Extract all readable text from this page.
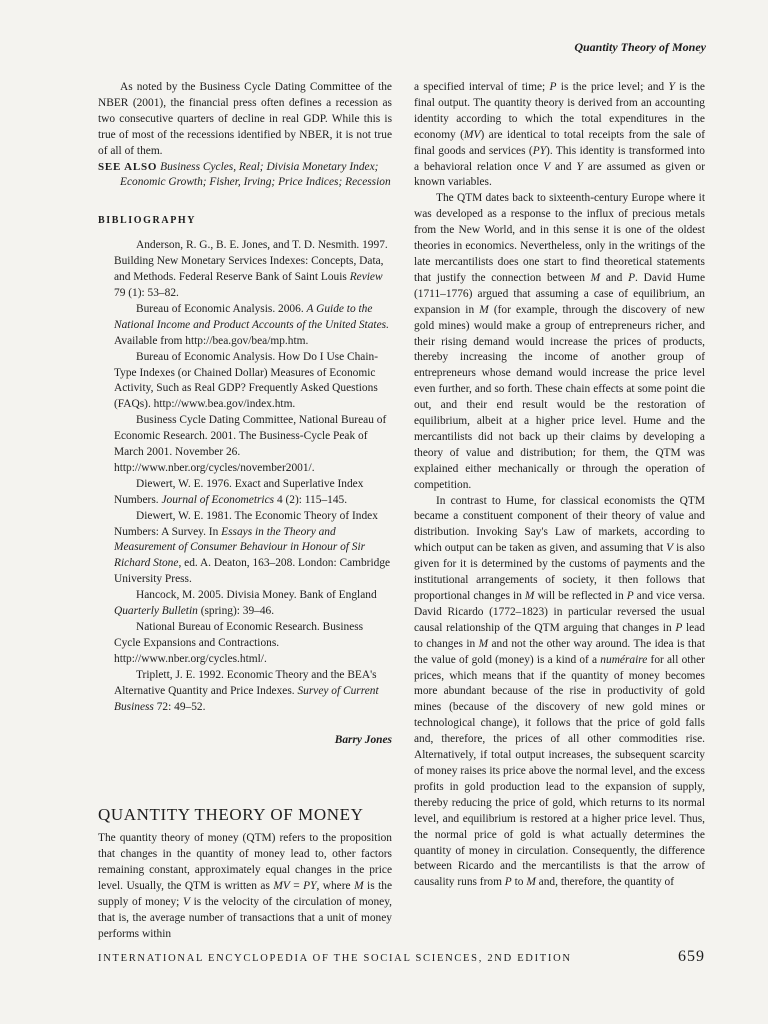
Quantity Theory of Money

As noted by the Business Cycle Dating Committee of the NBER (2001), the financial press often defines a recession as two consecutive quarters of decline in real GDP. While this is true of most of the recessions identified by NBER, it is not true of all of them.

SEE ALSO Business Cycles, Real; Divisia Monetary Index; Economic Growth; Fisher, Irving; Price Indices; Recession

BIBLIOGRAPHY

Anderson, R. G., B. E. Jones, and T. D. Nesmith. 1997. Building New Monetary Services Indexes: Concepts, Data, and Methods. Federal Reserve Bank of Saint Louis Review 79 (1): 53–82.

Bureau of Economic Analysis. 2006. A Guide to the National Income and Product Accounts of the United States. Available from http://bea.gov/bea/mp.htm.

Bureau of Economic Analysis. How Do I Use Chain-Type Indexes (or Chained Dollar) Measures of Economic Activity, Such as Real GDP? Frequently Asked Questions (FAQs). http://www.bea.gov/index.htm.

Business Cycle Dating Committee, National Bureau of Economic Research. 2001. The Business-Cycle Peak of March 2001. November 26. http://www.nber.org/cycles/november2001/.

Diewert, W. E. 1976. Exact and Superlative Index Numbers. Journal of Econometrics 4 (2): 115–145.

Diewert, W. E. 1981. The Economic Theory of Index Numbers: A Survey. In Essays in the Theory and Measurement of Consumer Behaviour in Honour of Sir Richard Stone, ed. A. Deaton, 163–208. London: Cambridge University Press.

Hancock, M. 2005. Divisia Money. Bank of England Quarterly Bulletin (spring): 39–46.

National Bureau of Economic Research. Business Cycle Expansions and Contractions. http://www.nber.org/cycles.html/.

Triplett, J. E. 1992. Economic Theory and the BEA's Alternative Quantity and Price Indexes. Survey of Current Business 72: 49–52.

Barry Jones
QUANTITY THEORY OF MONEY

The quantity theory of money (QTM) refers to the proposition that changes in the quantity of money lead to, other factors remaining constant, approximately equal changes in the price level. Usually, the QTM is written as MV = PY, where M is the supply of money; V is the velocity of the circulation of money, that is, the average number of transactions that a unit of money performs within

a specified interval of time; P is the price level; and Y is the final output. The quantity theory is derived from an accounting identity according to which the total expenditures in the economy (MV) are identical to total receipts from the sale of final goods and services (PY). This identity is transformed into a behavioral relation once V and Y are assumed as given or known variables.

The QTM dates back to sixteenth-century Europe where it was developed as a response to the influx of precious metals from the New World, and in this sense it is one of the oldest theories in economics. Nevertheless, only in the writings of the late mercantilists does one start to find theoretical statements that justify the connection between M and P. David Hume (1711–1776) argued that assuming a case of equilibrium, an expansion in M (for example, through the discovery of new gold mines) would make a group of entrepreneurs richer, and their rising demand would increase the prices of products, thereby increasing the income of another group of entrepreneurs whose demand would increase the price level even further, and so forth. These chain effects at some point die out, and their end result would be the restoration of equilibrium, albeit at a higher price level. Hume and the mercantilists did not back up their claims by developing a theory of value and distribution; for them, the QTM was explained either mechanically or through the operation of competition.

In contrast to Hume, for classical economists the QTM became a constituent component of their theory of value and distribution. Invoking Say's Law of markets, according to which output can be taken as given, and assuming that V is also given for it is determined by the customs of payments and the institutional arrangements of society, it then follows that proportional changes in M will be reflected in P and vice versa. David Ricardo (1772–1823) in particular reversed the usual causal relationship of the QTM arguing that changes in P lead to changes in M and not the other way around. The idea is that the value of gold (money) is a kind of a numéraire for all other prices, which means that if the quantity of money becomes more abundant because of the rise in productivity of gold mines (because of the discovery of new gold mines or technological change), it follows that the price of gold falls and, therefore, the prices of all other commodities rise. Alternatively, if total output increases, the subsequent scarcity of money raises its price above the normal level, and the excess profits in gold production lead to the expansion of supply, thereby reducing the price of gold, which returns to its normal level, and equilibrium is restored at a higher price level. Thus, the normal price of gold is what actually determines the quantity of money in circulation. Consequently, the difference between Ricardo and the mercantilists is that the arrow of causality runs from P to M and, therefore, the quantity of

INTERNATIONAL ENCYCLOPEDIA OF THE SOCIAL SCIENCES, 2ND EDITION	659
